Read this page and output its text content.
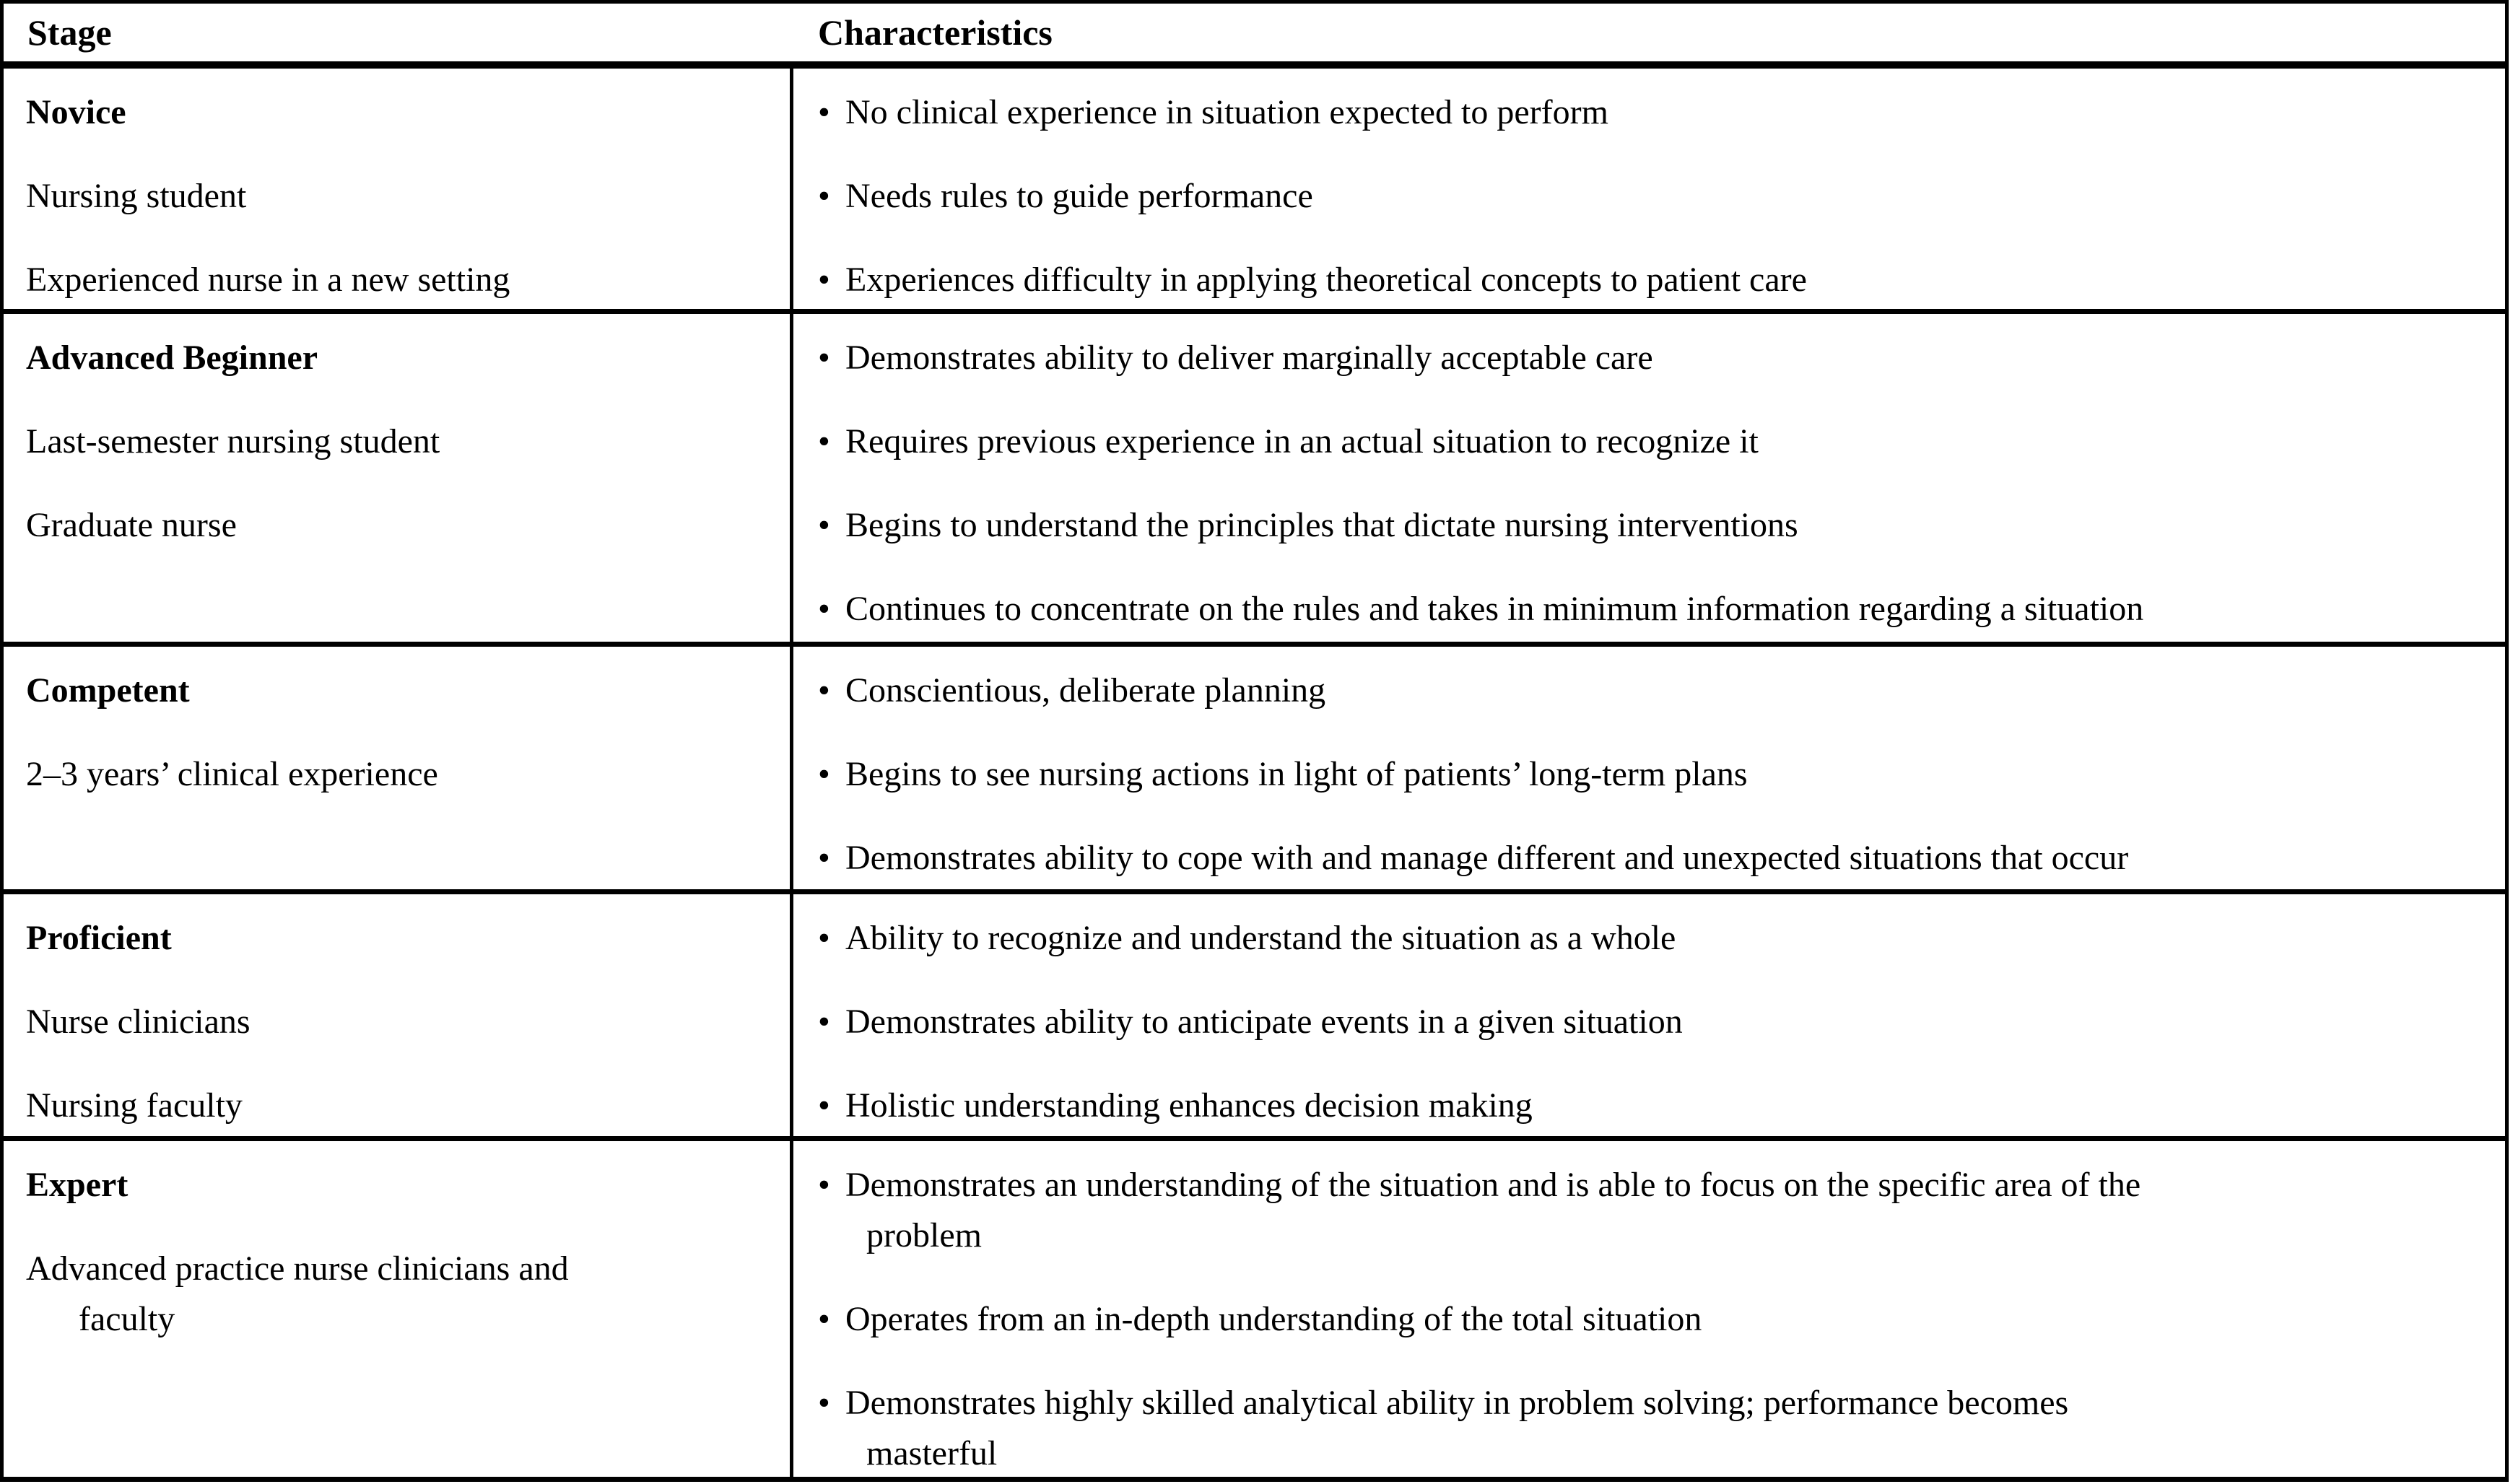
Stage	Characteristics
Novice
Nursing student
Experienced nurse in a new setting
• No clinical experience in situation expected to perform
• Needs rules to guide performance
• Experiences difficulty in applying theoretical concepts to patient care
Advanced Beginner
Last-semester nursing student
Graduate nurse
• Demonstrates ability to deliver marginally acceptable care
• Requires previous experience in an actual situation to recognize it
• Begins to understand the principles that dictate nursing interventions
• Continues to concentrate on the rules and takes in minimum information regarding a situation
Competent
2–3 years’ clinical experience
• Conscientious, deliberate planning
• Begins to see nursing actions in light of patients’ long-term plans
• Demonstrates ability to cope with and manage different and unexpected situations that occur
Proficient
Nurse clinicians
Nursing faculty
• Ability to recognize and understand the situation as a whole
• Demonstrates ability to anticipate events in a given situation
• Holistic understanding enhances decision making
Expert
Advanced practice nurse clinicians and
faculty
• Demonstrates an understanding of the situation and is able to focus on the specific area of the
problem
• Operates from an in-depth understanding of the total situation
• Demonstrates highly skilled analytical ability in problem solving; performance becomes
masterful
